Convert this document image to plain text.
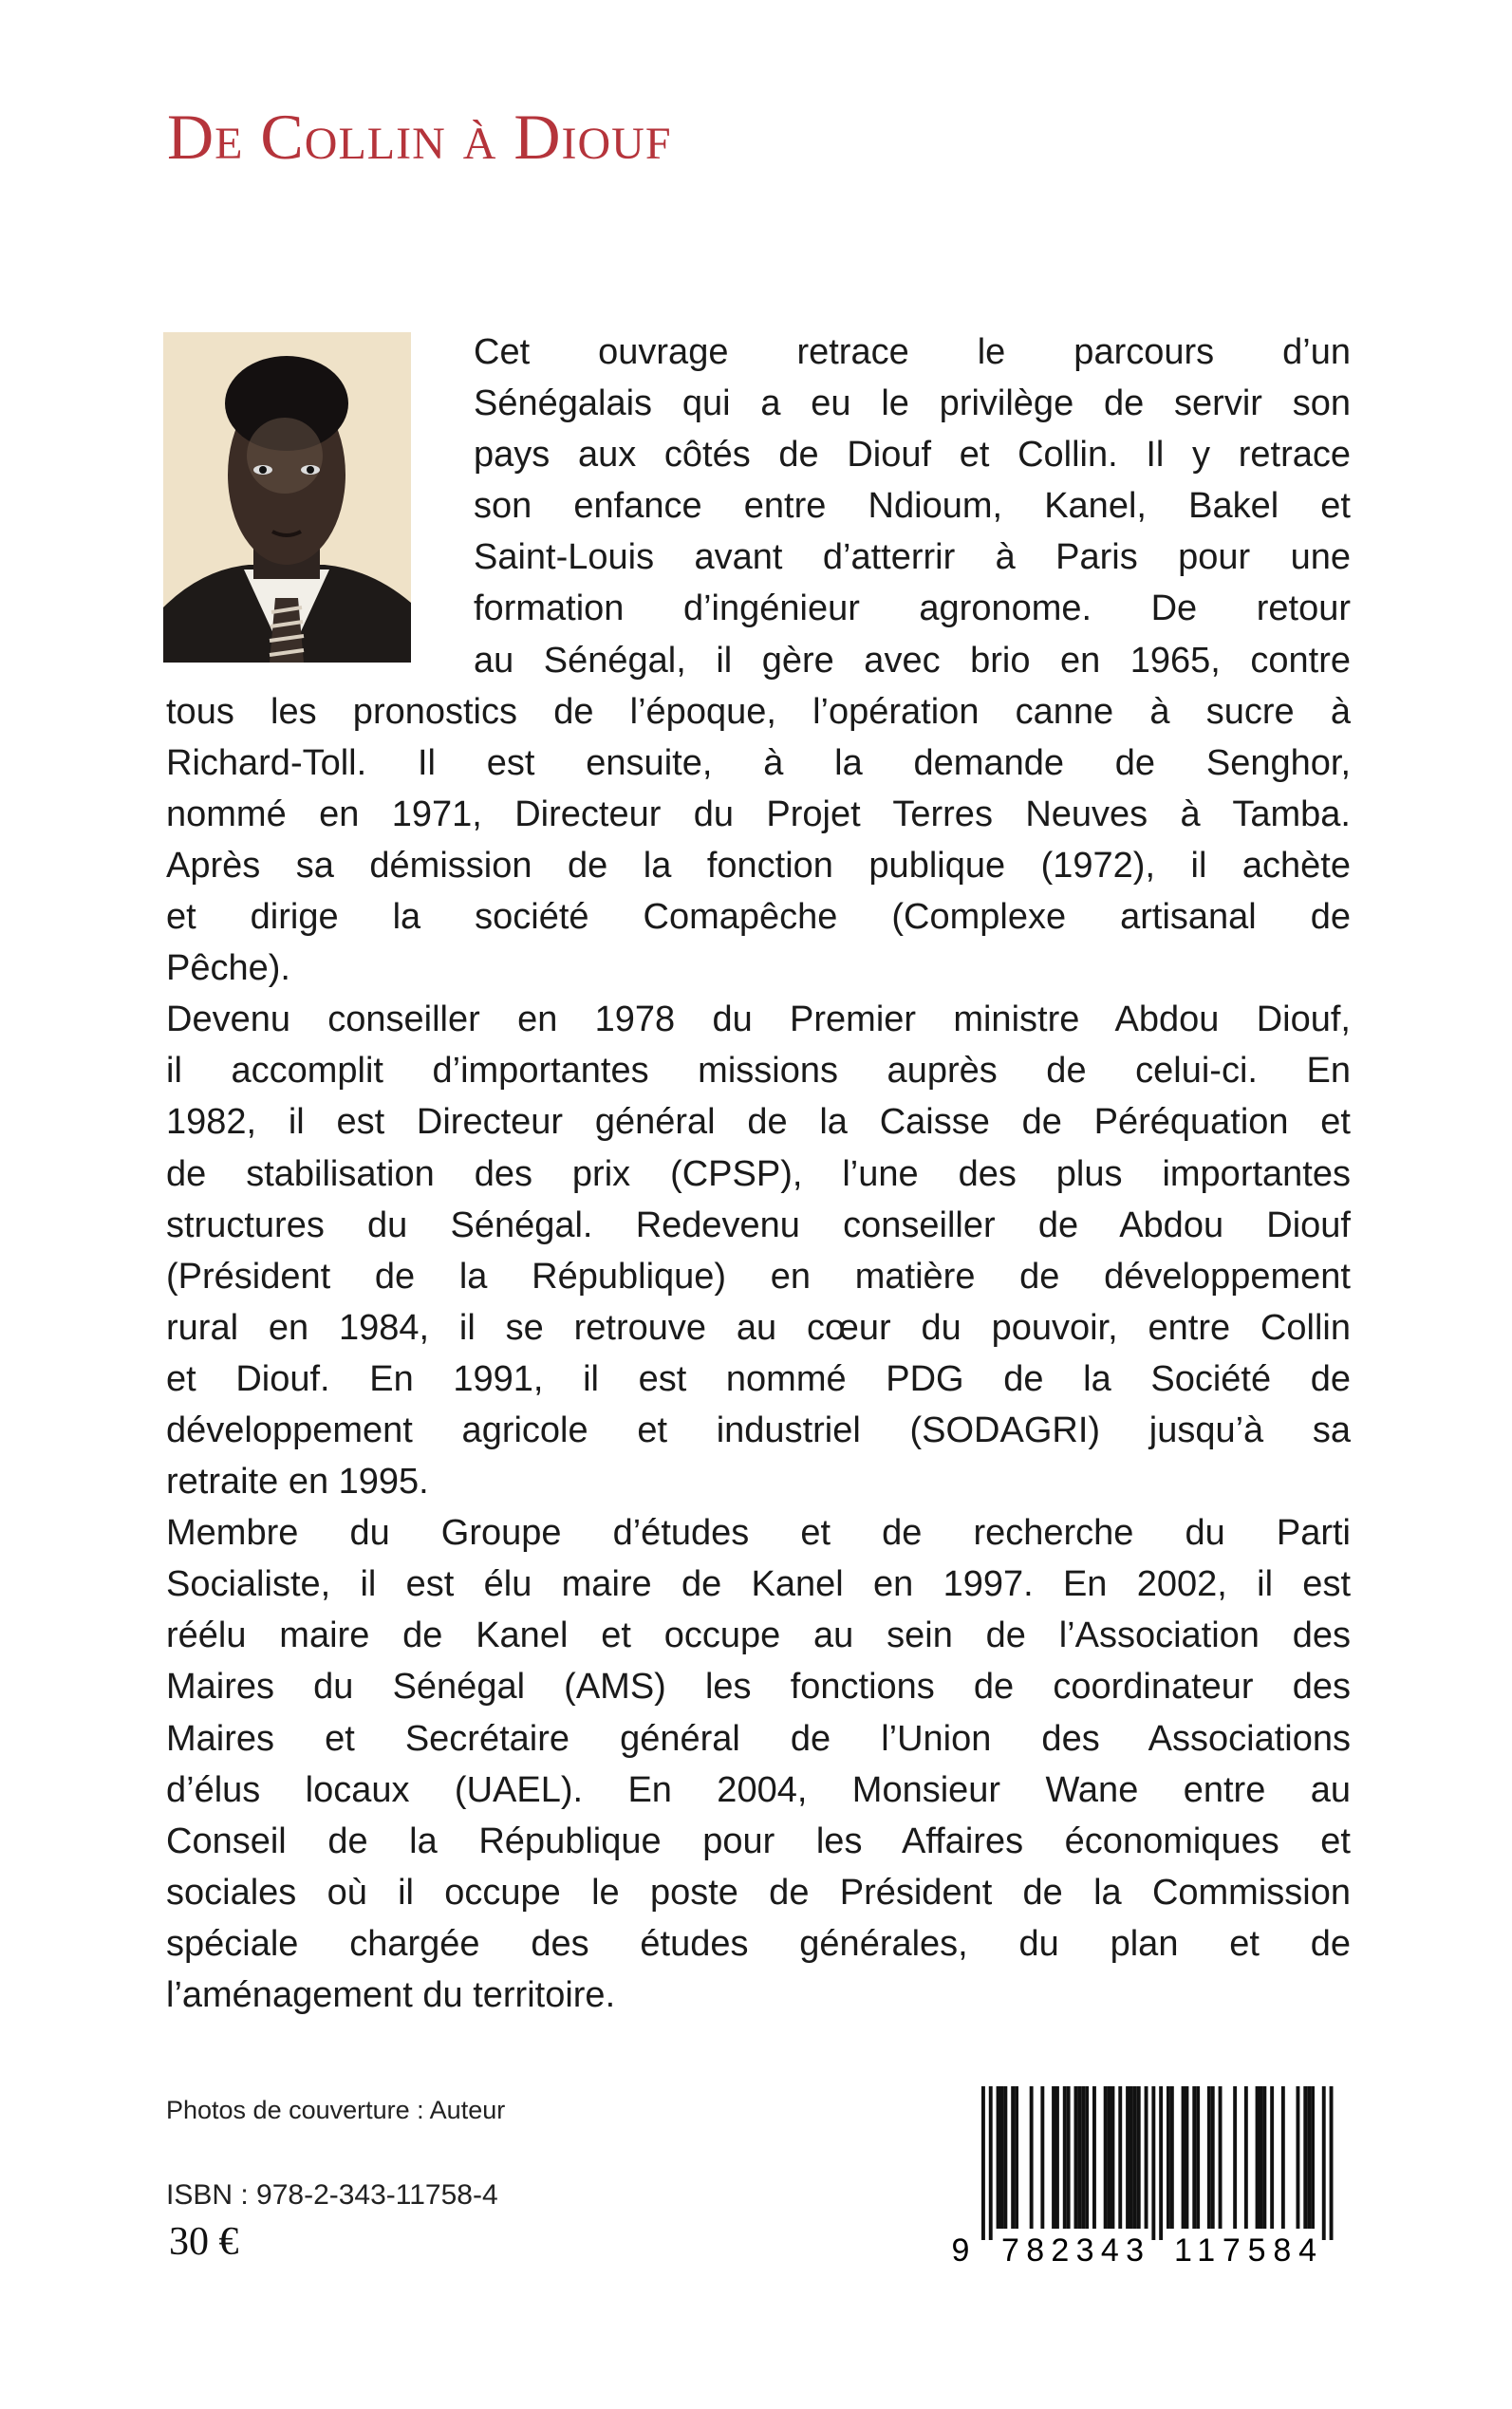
De Collin à Diouf
Cet ouvrage retrace le parcours d’un
Sénégalais qui a eu le privilège de servir son
pays aux côtés de Diouf et Collin. Il y retrace
son enfance entre Ndioum, Kanel, Bakel et
Saint-Louis avant d’atterrir à Paris pour une
formation d’ingénieur agronome. De retour
au Sénégal, il gère avec brio en 1965, contre
tous les pronostics de l’époque, l’opération canne à sucre à
Richard-Toll. Il est ensuite, à la demande de Senghor,
nommé en 1971, Directeur du Projet Terres Neuves à Tamba.
Après sa démission de la fonction publique (1972), il achète
et dirige la société Comapêche (Complexe artisanal de
Pêche).
Devenu conseiller en 1978 du Premier ministre Abdou Diouf,
il accomplit d’importantes missions auprès de celui-ci. En
1982, il est Directeur général de la Caisse de Péréquation et
de stabilisation des prix (CPSP), l’une des plus importantes
structures du Sénégal. Redevenu conseiller de Abdou Diouf
(Président de la République) en matière de développement
rural en 1984, il se retrouve au cœur du pouvoir, entre Collin
et Diouf. En 1991, il est nommé PDG de la Société de
développement agricole et industriel (SODAGRI) jusqu’à sa
retraite en 1995.
Membre du Groupe d’études et de recherche du Parti
Socialiste, il est élu maire de Kanel en 1997. En 2002, il est
réélu maire de Kanel et occupe au sein de l’Association des
Maires du Sénégal (AMS) les fonctions de coordinateur des
Maires et Secrétaire général de l’Union des Associations
d’élus locaux (UAEL). En 2004, Monsieur Wane entre au
Conseil de la République pour les Affaires économiques et
sociales où il occupe le poste de Président de la Commission
spéciale chargée des études générales, du plan et de
l’aménagement du territoire.
Photos de couverture : Auteur
ISBN : 978-2-343-11758-4
30 €	9 782343 117584
